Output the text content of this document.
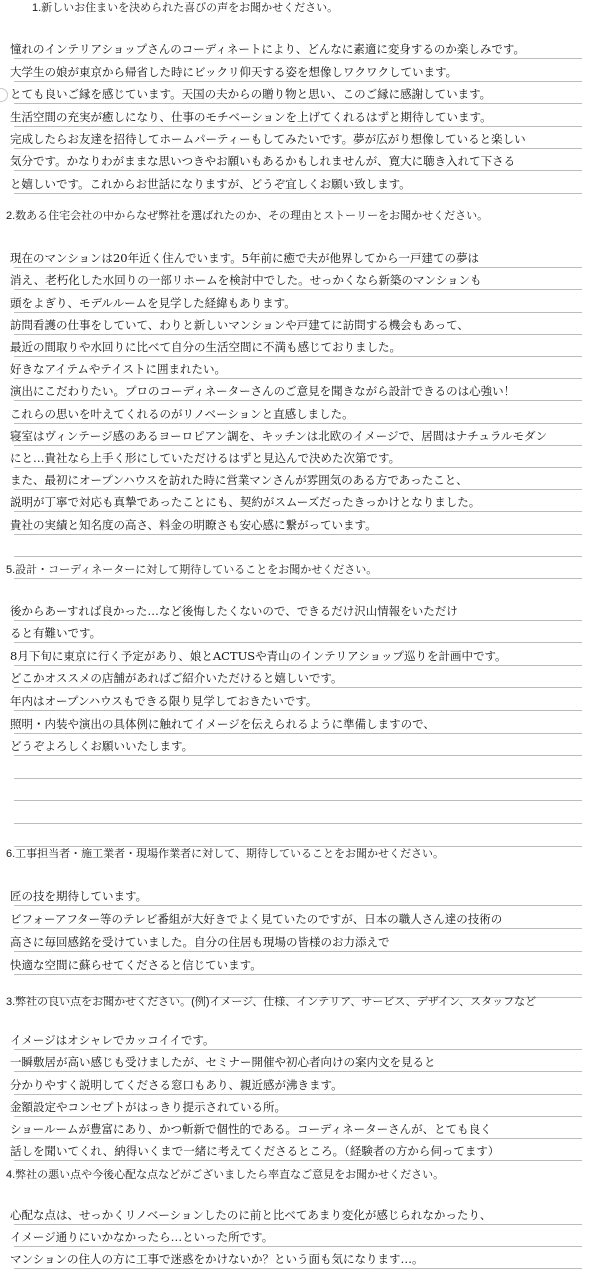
1.新しいお住まいを決められた喜びの声をお聞かせください。
憧れのインテリアショップさんのコーディネートにより、どんなに素適に変身するのか楽しみです。
大学生の娘が東京から帰省した時にビックリ仰天する姿を想像しワクワクしています。
とても良いご縁を感じています。天国の夫からの贈り物と思い、このご縁に感謝しています。
生活空間の充実が癒しになり、仕事のモチベーションを上げてくれるはずと期待しています。
完成したらお友達を招待してホームパーティーもしてみたいです。夢が広がり想像していると楽しい
気分です。かなりわがままな思いつきやお願いもあるかもしれませんが、寛大に聴き入れて下さる
と嬉しいです。これからお世話になりますが、どうぞ宜しくお願い致します。
2.数ある住宅会社の中からなぜ弊社を選ばれたのか、その理由とストーリーをお聞かせください。
現在のマンションは20年近く住んでいます。5年前に癒で夫が他界してから一戸建ての夢は
消え、老朽化した水回りの一部リホームを検討中でした。せっかくなら新築のマンションも
頭をよぎり、モデルルームを見学した経緯もあります。
訪問看護の仕事をしていて、わりと新しいマンションや戸建てに訪問する機会もあって、
最近の間取りや水回りに比べて自分の生活空間に不満も感じておりました。
好きなアイテムやテイストに囲まれたい。
演出にこだわりたい。プロのコーディネーターさんのご意見を聞きながら設計できるのは心強い！
これらの思いを叶えてくれるのがリノベーションと直感しました。
寝室はヴィンテージ感のあるヨーロピアン調を、キッチンは北欧のイメージで、居間はナチュラルモダン
にと…貴社なら上手く形にしていただけるはずと見込んで決めた次第です。
また、最初にオープンハウスを訪れた時に営業マンさんが雰囲気のある方であったこと、
説明が丁寧で対応も真摯であったことにも、契約がスムーズだったきっかけとなりました。
貴社の実績と知名度の高さ、料金の明瞭さも安心感に繋がっています。
5.設計・コーディネーターに対して期待していることをお聞かせください。
後からあーすれば良かった…など後悔したくないので、できるだけ沢山情報をいただけ
ると有難いです。
8月下旬に東京に行く予定があり、娘とACTUSや青山のインテリアショップ巡りを計画中です。
どこかオススメの店舗があればご紹介いただけると嬉しいです。
年内はオープンハウスもできる限り見学しておきたいです。
照明・内装や演出の具体例に触れてイメージを伝えられるように準備しますので、
どうぞよろしくお願いいたします。
6.工事担当者・施工業者・現場作業者に対して、期待していることをお聞かせください。
匠の技を期待しています。
ビフォーアフター等のテレビ番組が大好きでよく見ていたのですが、日本の職人さん達の技術の
高さに毎回感銘を受けていました。自分の住居も現場の皆様のお力添えで
快適な空間に蘇らせてくださると信じています。
3.弊社の良い点をお聞かせください。(例)イメージ、仕様、インテリア、サービス、デザイン、スタッフなど
イメージはオシャレでカッコイイです。
一瞬敷居が高い感じも受けましたが、セミナー開催や初心者向けの案内文を見ると
分かりやすく説明してくださる窓口もあり、親近感が沸きます。
金額設定やコンセプトがはっきり提示されている所。
ショールームが豊富にあり、かつ斬新で個性的である。コーディネーターさんが、とても良く
話しを聞いてくれ、納得いくまで一緒に考えてくださるところ。（経験者の方から伺ってます）
4.弊社の悪い点や今後心配な点などがございましたら率直なご意見をお聞かせください。
心配な点は、せっかくリノベーションしたのに前と比べてあまり変化が感じられなかったり、
イメージ通りにいかなかったら…といった所です。
マンションの住人の方に工事で迷惑をかけないか？という面も気になります…。
